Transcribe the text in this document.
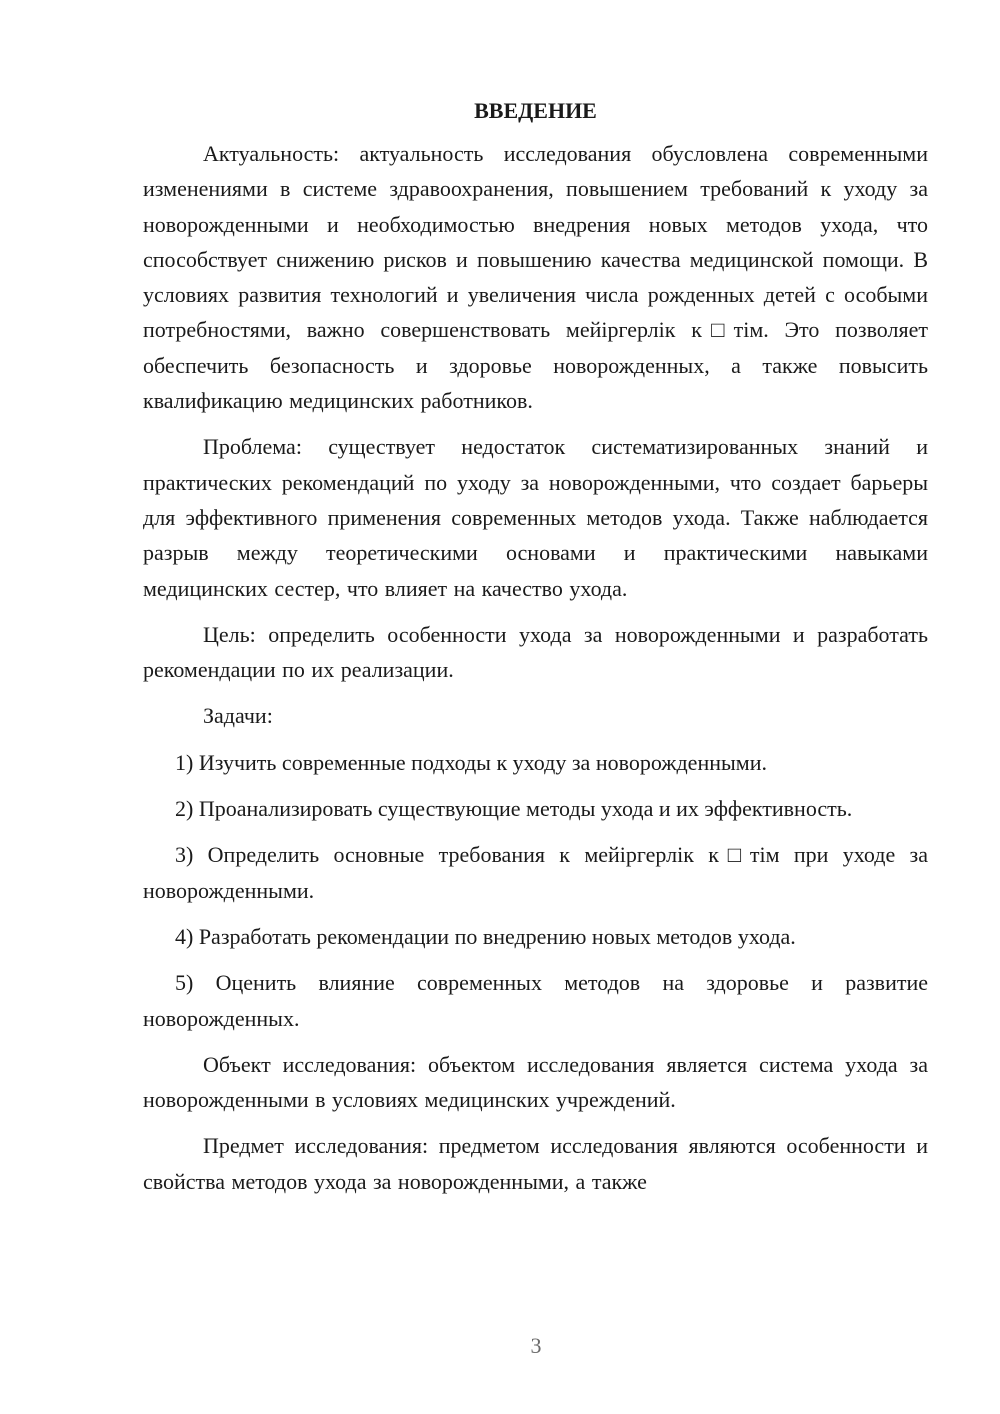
ВВЕДЕНИЕ

Актуальность: актуальность исследования обусловлена современными изменениями в системе здравоохранения, повышением требований к уходу за новорожденными и необходимостью внедрения новых методов ухода, что способствует снижению рисков и повышению качества медицинской помощи. В условиях развития технологий и увеличения числа рожденных детей с особыми потребностями, важно совершенствовать мейіргерлік к□тім. Это позволяет обеспечить безопасность и здоровье новорожденных, а также повысить квалификацию медицинских работников.

Проблема: существует недостаток систематизированных знаний и практических рекомендаций по уходу за новорожденными, что создает барьеры для эффективного применения современных методов ухода. Также наблюдается разрыв между теоретическими основами и практическими навыками медицинских сестер, что влияет на качество ухода.

Цель: определить особенности ухода за новорожденными и разработать рекомендации по их реализации.

Задачи:

1) Изучить современные подходы к уходу за новорожденными.

2) Проанализировать существующие методы ухода и их эффективность.

3) Определить основные требования к мейіргерлік к□тім при уходе за новорожденными.

4) Разработать рекомендации по внедрению новых методов ухода.

5) Оценить влияние современных методов на здоровье и развитие новорожденных.

Объект исследования: объектом исследования является система ухода за новорожденными в условиях медицинских учреждений.

Предмет исследования: предметом исследования являются особенности и свойства методов ухода за новорожденными, а также

3
